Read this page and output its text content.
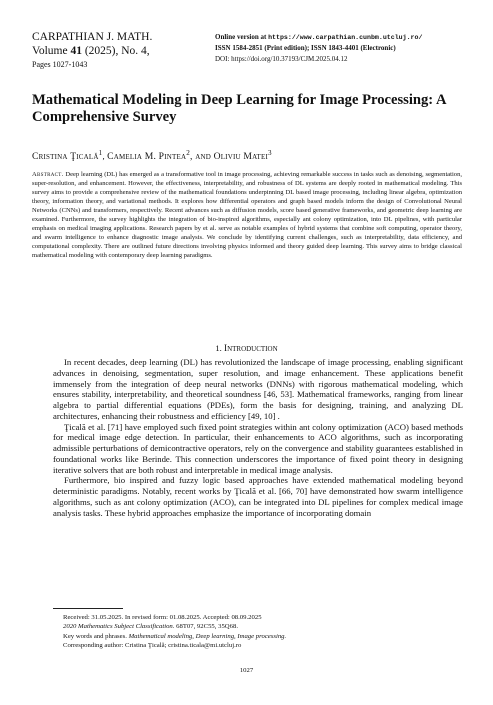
CARPATHIAN J. MATH.
Volume 41 (2025), No. 4,
Pages 1027-1043
Online version at https://www.carpathian.cunbm.utcluj.ro/
ISSN 1584-2851 (Print edition); ISSN 1843-4401 (Electronic)
DOI: https://doi.org/10.37193/CJM.2025.04.12
Mathematical Modeling in Deep Learning for Image Processing: A Comprehensive Survey
Cristina Ţicală$^1$, Camelia M. Pintea$^2$, and Oliviu Matei$^3$
Abstract. Deep learning (DL) has emerged as a transformative tool in image processing, achieving remarkable success in tasks such as denoising, segmentation, super-resolution, and enhancement. However, the effectiveness, interpretability, and robustness of DL systems are deeply rooted in mathematical modeling. This survey aims to provide a comprehensive review of the mathematical foundations underpinning DL based image processing, including linear algebra, optimization theory, information theory, and variational methods. It explores how differential operators and graph based models inform the design of Convolutional Neural Networks (CNNs) and transformers, respectively. Recent advances such as diffusion models, score based generative frameworks, and geometric deep learning are examined. Furthermore, the survey highlights the integration of bio-inspired algorithms, especially ant colony optimization, into DL pipelines, with particular emphasis on medical imaging applications. Research papers by et al. serve as notable examples of hybrid systems that combine soft computing, operator theory, and swarm intelligence to enhance diagnostic image analysis. We conclude by identifying current challenges, such as interpretability, data efficiency, and computational complexity. There are outlined future directions involving physics informed and theory guided deep learning. This survey aims to bridge classical mathematical modeling with contemporary deep learning paradigms.
1. Introduction

In recent decades, deep learning (DL) has revolutionized the landscape of image processing, enabling significant advances in denoising, segmentation, super resolution, and image enhancement. These applications benefit immensely from the integration of deep neural networks (DNNs) with rigorous mathematical modeling, which ensures stability, interpretability, and theoretical soundness [46, 53]. Mathematical frameworks, ranging from linear algebra to partial differential equations (PDEs), form the basis for designing, training, and analyzing DL architectures, enhancing their robustness and efficiency [49, 10] .

Ţicală et al. [71] have employed such fixed point strategies within ant colony optimization (ACO) based methods for medical image edge detection. In particular, their enhancements to ACO algorithms, such as incorporating admissible perturbations of demicontractive operators, rely on the convergence and stability guarantees established in foundational works like Berinde. This connection underscores the importance of fixed point theory in designing iterative solvers that are both robust and interpretable in medical image analysis.

Furthermore, bio inspired and fuzzy logic based approaches have extended mathematical modeling beyond deterministic paradigms. Notably, recent works by Ţicală et al. [66, 70] have demonstrated how swarm intelligence algorithms, such as ant colony optimization (ACO), can be integrated into DL pipelines for complex medical image analysis tasks. These hybrid approaches emphasize the importance of incorporating domain

Received: 31.05.2025. In revised form: 01.08.2025. Accepted: 08.09.2025
2020 Mathematics Subject Classification. 68T07, 92C55, 35Q68.
Key words and phrases. Mathematical modeling, Deep learning, Image processing.
Corresponding author: Cristina Ţicală; cristina.ticala@mi.utcluj.ro
1027
